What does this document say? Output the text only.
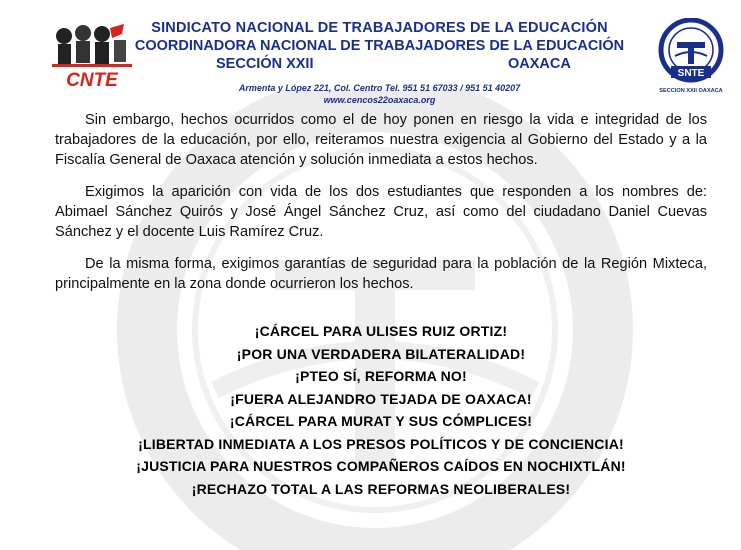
CNTE
SINDICATO NACIONAL DE TRABAJADORES DE LA EDUCACIÓN
COORDINADORA NACIONAL DE TRABAJADORES DE LA EDUCACIÓN
SECCIÓN XXII	OAXACA
Armenta y López 221, Col. Centro Tel. 951 51 67033 / 951 51 40207
www.cencos22oaxaca.org
SNTE
SECCION XXII OAXACA

Sin embargo, hechos ocurridos como el de hoy ponen en riesgo la vida e integridad de los trabajadores de la educación, por ello, reiteramos nuestra exigencia al Gobierno del Estado y a la Fiscalía General de Oaxaca atención y solución inmediata a estos hechos.

Exigimos la aparición con vida de los dos estudiantes que responden a los nombres de: Abimael Sánchez Quirós y José Ángel Sánchez Cruz, así como del ciudadano Daniel Cuevas Sánchez y el docente Luis Ramírez Cruz.

De la misma forma, exigimos garantías de seguridad para la población de la Región Mixteca, principalmente en la zona donde ocurrieron los hechos.

¡CÁRCEL PARA ULISES RUIZ ORTIZ!
¡POR UNA VERDADERA BILATERALIDAD!
¡PTEO SÍ, REFORMA NO!
¡FUERA ALEJANDRO TEJADA DE OAXACA!
¡CÁRCEL PARA MURAT Y SUS CÓMPLICES!
¡LIBERTAD INMEDIATA A LOS PRESOS POLÍTICOS Y DE CONCIENCIA!
¡JUSTICIA PARA NUESTROS COMPAÑEROS CAÍDOS EN NOCHIXTLÁN!
¡RECHAZO TOTAL A LAS REFORMAS NEOLIBERALES!
